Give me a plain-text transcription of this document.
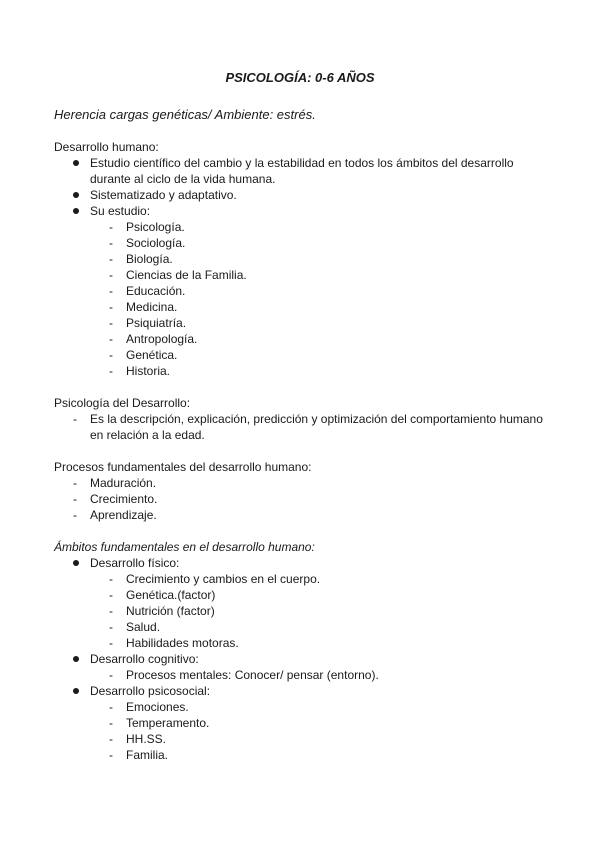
PSICOLOGÍA: 0-6 AÑOS
Herencia cargas genéticas/ Ambiente: estrés.
Desarrollo humano:
Estudio científico del cambio y la estabilidad en todos los ámbitos del desarrollo durante al ciclo de la vida humana.
Sistematizado y adaptativo.
Su estudio:
- Psicología.
- Sociología.
- Biología.
- Ciencias de la Familia.
- Educación.
- Medicina.
- Psiquiatría.
- Antropología.
- Genética.
- Historia.
Psicología del Desarrollo:
- Es la descripción, explicación, predicción y optimización del comportamiento humano en relación a la edad.
Procesos fundamentales del desarrollo humano:
- Maduración.
- Crecimiento.
- Aprendizaje.
Ámbitos fundamentales en el desarrollo humano:
Desarrollo físico:
- Crecimiento y cambios en el cuerpo.
- Genética.(factor)
- Nutrición (factor)
- Salud.
- Habilidades motoras.
Desarrollo cognitivo:
- Procesos mentales: Conocer/ pensar (entorno).
Desarrollo psicosocial:
- Emociones.
- Temperamento.
- HH.SS.
- Familia.
